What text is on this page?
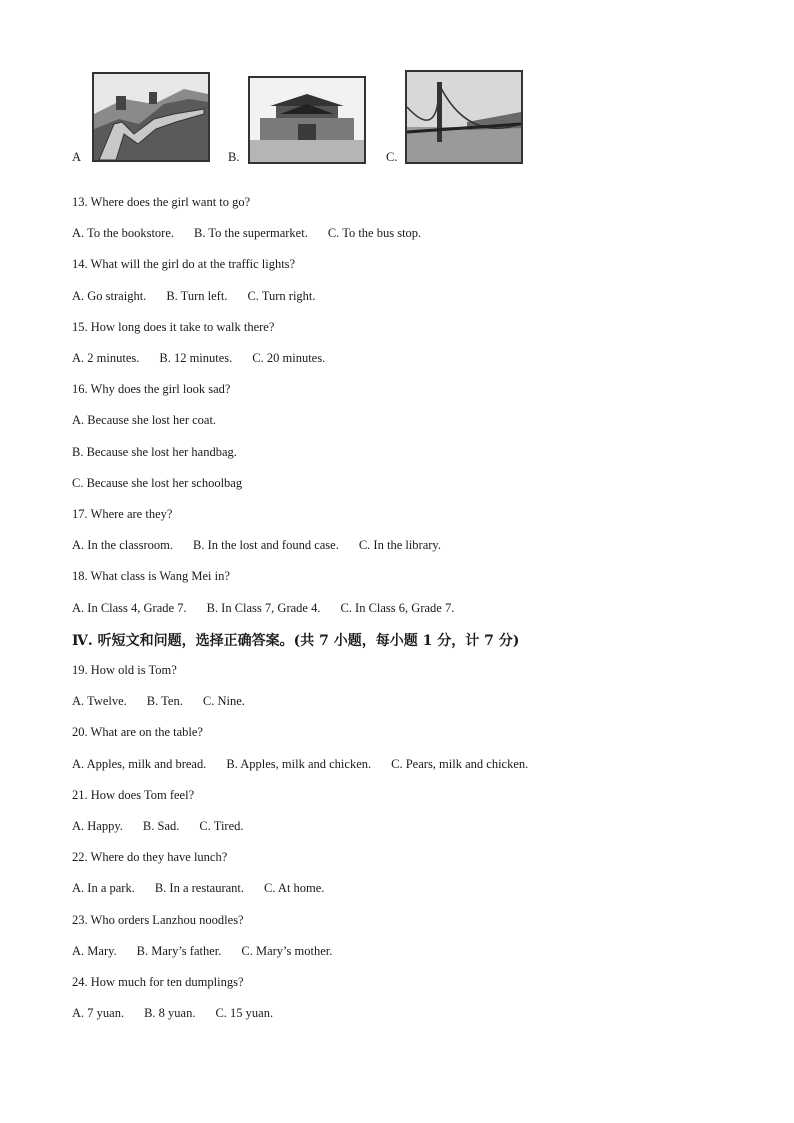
A	B.	C.
13. Where does the girl want to go?
A. To the bookstore. B. To the supermarket. C. To the bus stop.
14. What will the girl do at the traffic lights?
A. Go straight. B. Turn left. C. Turn right.
15. How long does it take to walk there?
A. 2 minutes. B. 12 minutes. C. 20 minutes.
16. Why does the girl look sad?
A. Because she lost her coat.
B. Because she lost her handbag.
C. Because she lost her schoolbag
17. Where are they?
A. In the classroom. B. In the lost and found case. C. In the library.
18. What class is Wang Mei in?
A. In Class 4, Grade 7. B. In Class 7, Grade 4. C. In Class 6, Grade 7.
Ⅳ. 听短文和问题，选择正确答案。(共 7 小题，每小题 1 分，计 7 分)
19. How old is Tom?
A. Twelve. B. Ten. C. Nine.
20. What are on the table?
A. Apples, milk and bread. B. Apples, milk and chicken. C. Pears, milk and chicken.
21. How does Tom feel?
A. Happy. B. Sad. C. Tired.
22. Where do they have lunch?
A. In a park. B. In a restaurant. C. At home.
23. Who orders Lanzhou noodles?
A. Mary. B. Mary’s father. C. Mary’s mother.
24. How much for ten dumplings?
A. 7 yuan. B. 8 yuan. C. 15 yuan.
